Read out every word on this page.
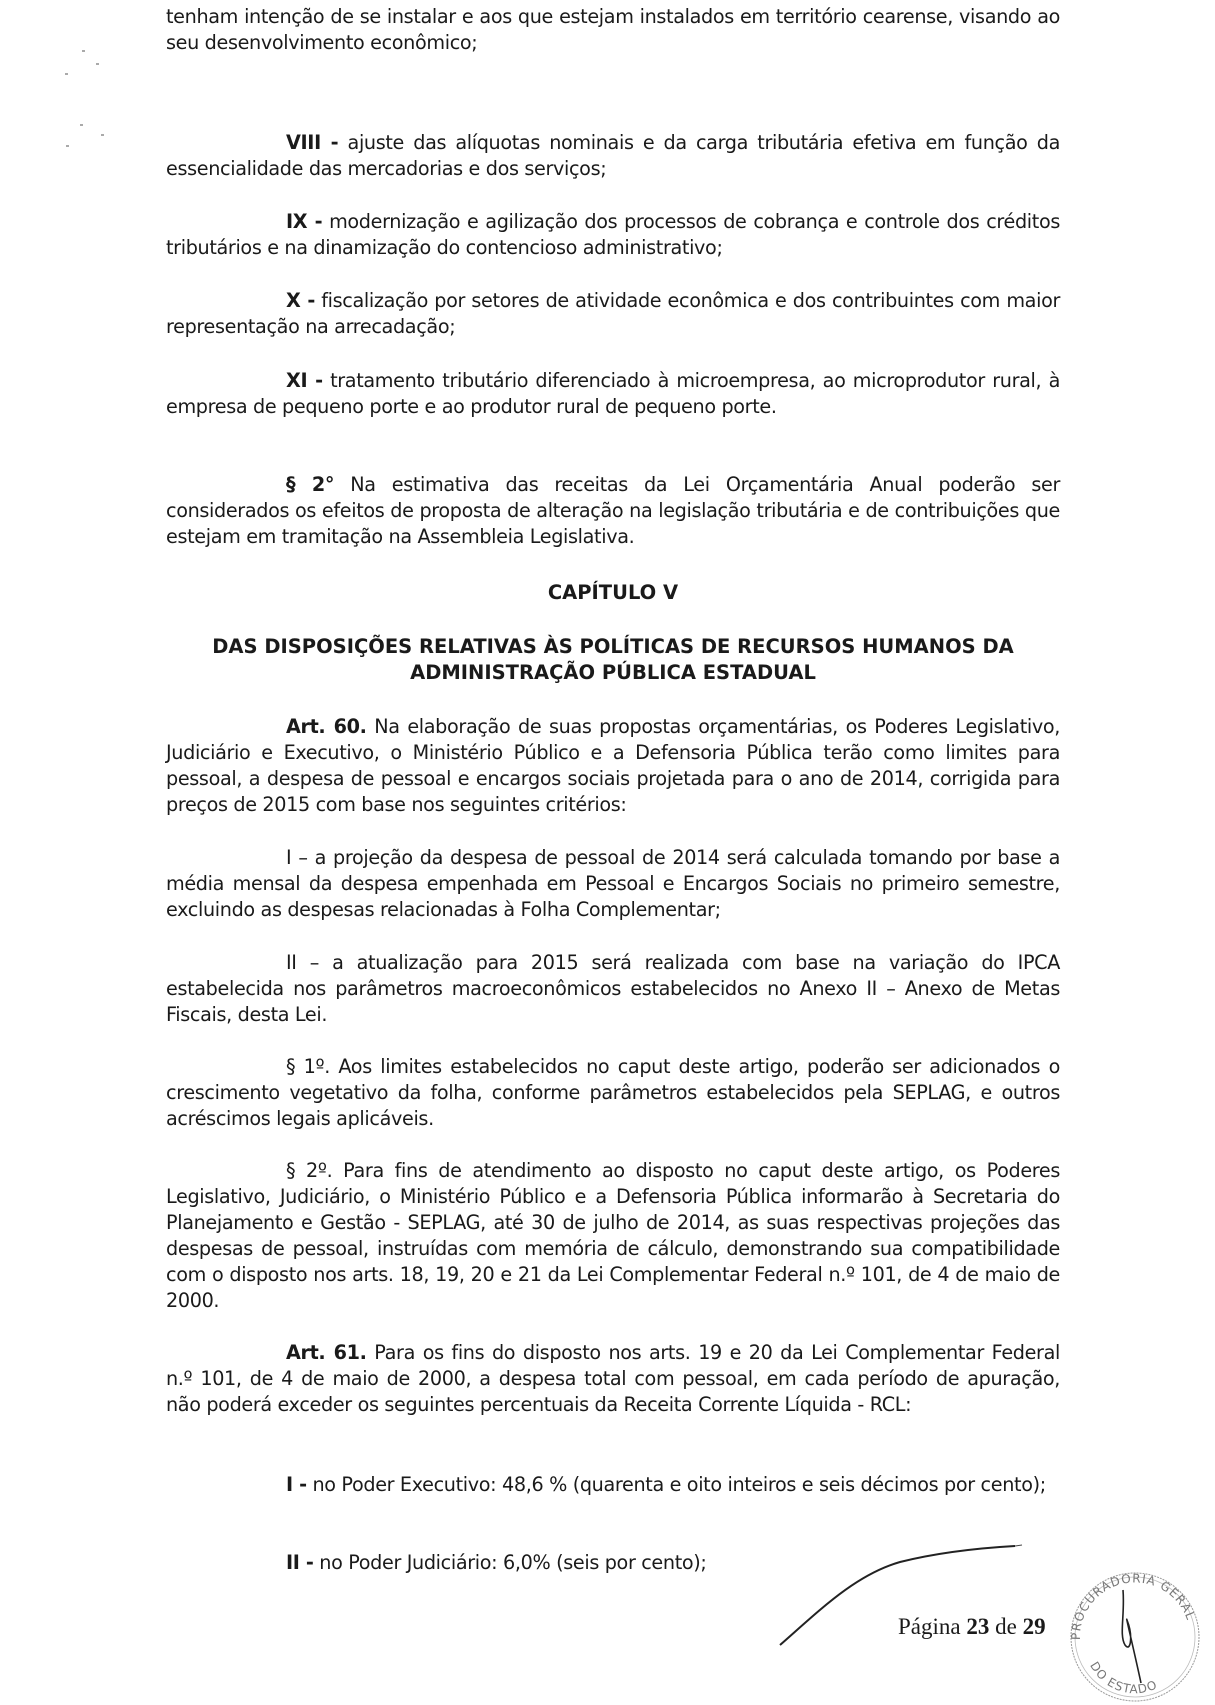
tenham intenção de se instalar e aos que estejam instalados em território cearense, visando ao seu desenvolvimento econômico;

VIII - ajuste das alíquotas nominais e da carga tributária efetiva em função da essencialidade das mercadorias e dos serviços;

IX - modernização e agilização dos processos de cobrança e controle dos créditos tributários e na dinamização do contencioso administrativo;

X - fiscalização por setores de atividade econômica e dos contribuintes com maior representação na arrecadação;

XI - tratamento tributário diferenciado à microempresa, ao microprodutor rural, à empresa de pequeno porte e ao produtor rural de pequeno porte.

§ 2° Na estimativa das receitas da Lei Orçamentária Anual poderão ser considerados os efeitos de proposta de alteração na legislação tributária e de contribuições que estejam em tramitação na Assembleia Legislativa.

CAPÍTULO V
DAS DISPOSIÇÕES RELATIVAS ÀS POLÍTICAS DE RECURSOS HUMANOS DA
ADMINISTRAÇÃO PÚBLICA ESTADUAL

Art. 60. Na elaboração de suas propostas orçamentárias, os Poderes Legislativo, Judiciário e Executivo, o Ministério Público e a Defensoria Pública terão como limites para pessoal, a despesa de pessoal e encargos sociais projetada para o ano de 2014, corrigida para preços de 2015 com base nos seguintes critérios:

I – a projeção da despesa de pessoal de 2014 será calculada tomando por base a média mensal da despesa empenhada em Pessoal e Encargos Sociais no primeiro semestre, excluindo as despesas relacionadas à Folha Complementar;

II – a atualização para 2015 será realizada com base na variação do IPCA estabelecida nos parâmetros macroeconômicos estabelecidos no Anexo II – Anexo de Metas Fiscais, desta Lei.

§ 1º. Aos limites estabelecidos no caput deste artigo, poderão ser adicionados o crescimento vegetativo da folha, conforme parâmetros estabelecidos pela SEPLAG, e outros acréscimos legais aplicáveis.

§ 2º. Para fins de atendimento ao disposto no caput deste artigo, os Poderes Legislativo, Judiciário, o Ministério Público e a Defensoria Pública informarão à Secretaria do Planejamento e Gestão - SEPLAG, até 30 de julho de 2014, as suas respectivas projeções das despesas de pessoal, instruídas com memória de cálculo, demonstrando sua compatibilidade com o disposto nos arts. 18, 19, 20 e 21 da Lei Complementar Federal n.º 101, de 4 de maio de 2000.

Art. 61. Para os fins do disposto nos arts. 19 e 20 da Lei Complementar Federal n.º 101, de 4 de maio de 2000, a despesa total com pessoal, em cada período de apuração, não poderá exceder os seguintes percentuais da Receita Corrente Líquida - RCL:

I - no Poder Executivo: 48,6 % (quarenta e oito inteiros e seis décimos por cento);

II - no Poder Judiciário: 6,0% (seis por cento);

Página 23 de 29 PROCURADORIA GERAL
DO ESTADO
